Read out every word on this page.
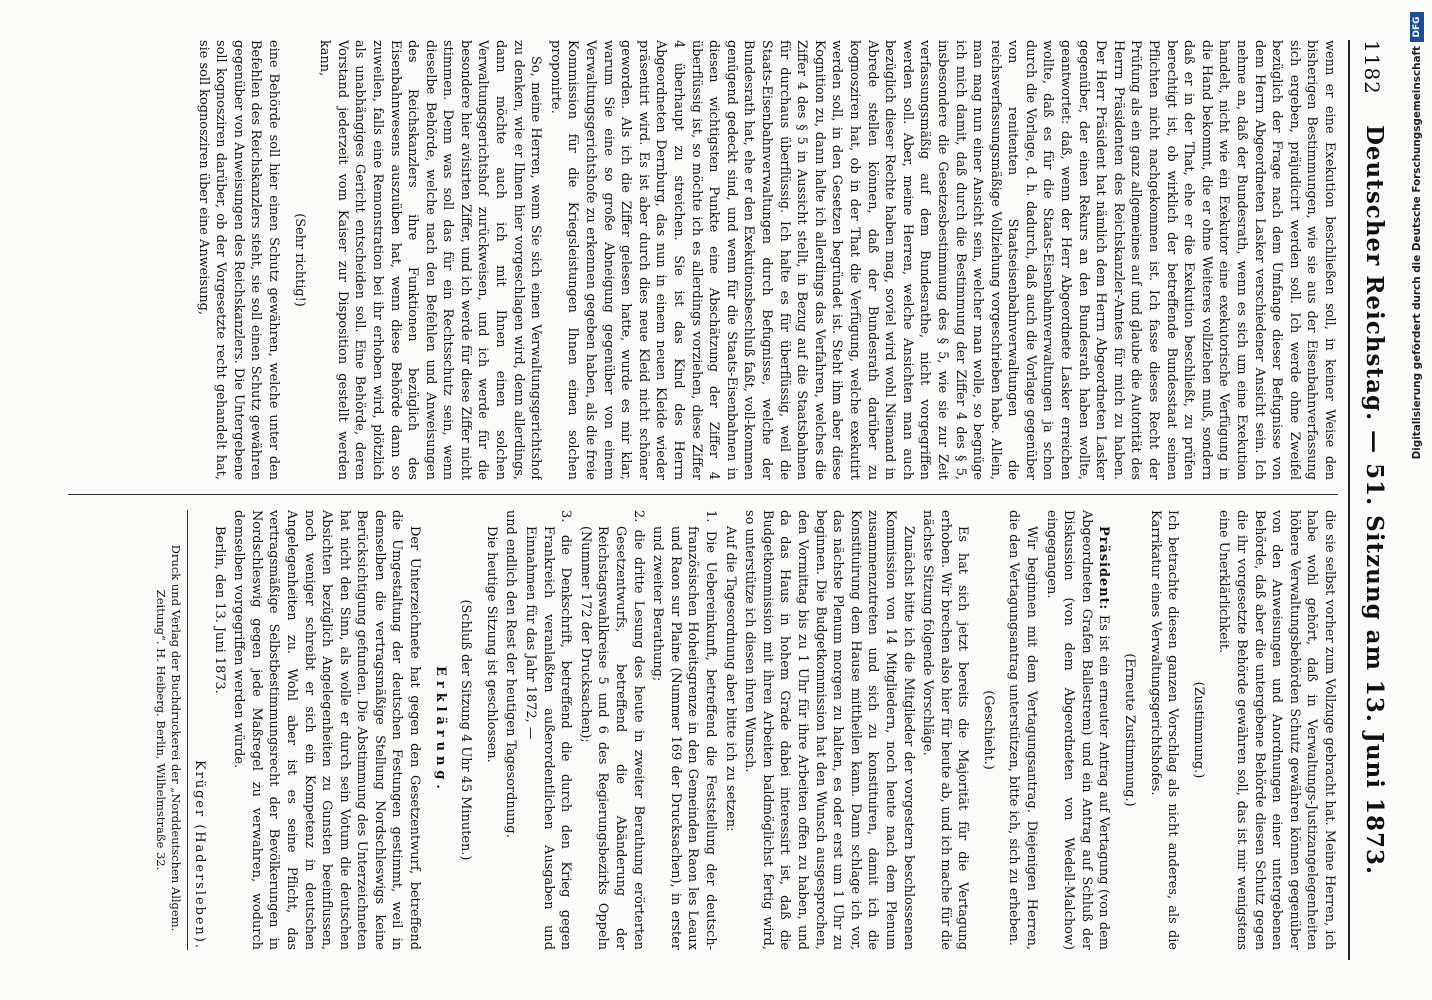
1182
Deutscher Reichstag. — 51. Sitzung am 13. Juni 1873.

wenn er eine Exekution beschließen soll, in keiner Weise den bisherigen Bestimmungen, wie sie aus der Eisenbahnverfassung sich ergeben, präjudicirt werden soll. Ich werde ohne Zweifel bezüglich der Frage nach dem Umfange dieser Befugnisse von dem Herrn Abgeordneten Lasker verschiedener Ansicht sein. Ich nehme an, daß der Bundesrath, wenn es sich um eine Exekution handelt, nicht wie ein Exekutor eine exekutorische Verfügung in die Hand bekommt, die er ohne Weiteres vollziehen muß, sondern daß er in der That, ehe er die Exekution beschließt, zu prüfen berechtigt ist, ob wirklich der betreffende Bundesstaat seinen Pflichten nicht nachgekommen ist. Ich fasse dieses Recht der Prüfung als ein ganz allgemeines auf und glaube die Autorität des Herrn Präsidenten des Reichskanzler-Amtes für mich zu haben. Der Herr Präsident hat nämlich dem Herrn Abgeordneten Lasker gegenüber, der einen Rekurs an den Bundesrath haben wollte, geantwortet: daß, wenn der Herr Abgeordnete Lasker erreichen wollte, daß es für die Staats-Eisenbahnverwaltungen ja schon durch die Vorlage, d. h. dadurch, daß auch die Vorlage gegenüber von renitenten Staatseisenbahnverwaltungen die reichsverfassungsmäßige Vollziehung vorgeschrieben habe. Allein, man mag nun einer Ansicht sein, welcher man wolle, so begnüge ich mich damit, daß durch die Bestimmung der Ziffer 4 des § 5, insbesondere die Gesetzesbestimmung des § 5, wie sie zur Zeit verfassungsmäßig auf dem Bundesrathe, nicht vorgegriffen werden soll. Aber, meine Herren, welche Ansichten man auch bezüglich dieser Rechte haben mag, soviel wird wohl Niemand in Abrede stellen können, daß der Bundesrath darüber zu kognosziren hat, ob in der That die Verfügung, welche exekutirt werden soll, in den Gesetzen begründet ist. Steht ihm aber diese Kognition zu, dann halte ich allerdings das Verfahren, welches die Ziffer 4 des § 5 in Aussicht stellt, in Bezug auf die Staatsbahnen für durchaus überflüssig. Ich halte es für überflüssig, weil die Staats-Eisenbahnverwaltungen durch Befugnisse, welche der Bundesrath hat, ehe er den Exekutionsbeschluß faßt, voll-kommen genügend gedeckt sind, und wenn für die Staats-Eisenbahnen in diesen wichtigsten Punkte eine Abschätzung der Ziffer 4 überflüssig ist, so möchte ich es allerdings vorziehen, diese Ziffer 4 überhaupt zu streichen. Sie ist das Kind des Herrn Abgeordneten Dernburg, das nun in einem neuen Kleide wieder präsentirt wird. Es ist aber durch dies neue Kleid nicht schöner geworden. Als ich die Ziffer gelesen hatte, wurde es mir klar, warum Sie eine so große Abneigung gegenüber von einem Verwaltungsgerichtshofe zu erkennen gegeben haben, als die freie Kommission für die Kriegsleistungen Ihnen einen solchen proponirte.

So, meine Herren, wenn Sie sich einen Verwaltungsgerichtshof zu denken, wie er Ihnen hier vorgeschlagen wird, denn allerdings, dann möchte auch ich mit Ihnen einen solchen Verwaltungsgerichtshof zurückweisen, und ich werde für die besondere hier avisirten Ziffer, und ich werde für diese Ziffer nicht stimmen. Denn was soll das für ein Rechtsschutz sein, wenn dieselbe Behörde, welche nach den Befehlen und Anweisungen des Reichskanzlers ihre Funktionen bezüglich des Eisenbahnwesens auszuüben hat, wenn diese Behörde dann so zuweilen, falls eine Remonstration bei ihr erhoben wird, plötzlich als unabhängiges Gericht entscheiden soll. Eine Behörde, deren Vorstand jederzeit vom Kaiser zur Disposition gestellt werden kann,

(Sehr richtig!)

eine Behörde soll hier einen Schutz gewähren, welche unter den Befehlen des Reichskanzlers steht, sie soll einen Schutz gewähren gegenüber von Anweisungen des Reichskanzlers. Die Untergebene soll kognosziren darüber, ob der Vorgesetzte recht gehandelt hat, sie soll kognosziren über eine Anweisung,

die sie selbst vorher zum Vollzuge gebracht hat. Meine Herren, ich habe wohl gehört, daß in Verwaltungs-Justizangelegenheiten höhere Verwaltungsbehörden Schutz gewähren können gegenüber von den Anweisungen und Anordnungen einer untergebenen Behörde, daß aber die untergebene Behörde diesen Schutz gegen die ihr vorgesetzte Behörde gewähren soll, das ist mir wenigstens eine Unerklärlichkeit.

(Zustimmung.)

Ich betrachte diesen ganzen Vorschlag als nicht anderes, als die Karrikatur eines Verwaltungsgerichtshofes.

(Erneute Zustimmung.)

Präsident: Es ist ein erneuter Antrag auf Vertagung (von dem Abgeordneten Grafen Ballestrem) und ein Antrag auf Schluß der Diskussion (von dem Abgeordneten von Wedell-Malchow) eingegangen.

Wir beginnen mit dem Vertagungsantrag. Diejenigen Herren, die den Vertagungsantrag unterstützen, bitte ich, sich zu erheben.

(Geschieht.)

Es hat sich jetzt bereits die Majorität für die Vertagung erhoben. Wir brechen also hier für heute ab, und ich mache für die nächste Sitzung folgende Vorschläge.

Zunächst bitte ich die Mitglieder der vorgestern beschlossenen Kommission von 14 Mitgliedern, noch heute nach dem Plenum zusammenzutreten und sich zu konstituiren, damit ich die Konstituirung dem Hause mittheilen kann. Dann schlage ich vor, das nächste Plenum morgen zu halten, es oder erst um 1 Uhr zu beginnen. Die Budgetkommission hat den Wunsch ausgesprochen, den Vormittag bis zu 1 Uhr für ihre Arbeiten offen zu haben, und da das Haus in hohem Grade dabei interessirt ist, daß die Budgetkommission mit ihren Arbeiten baldmöglichst fertig wird, so unterstütze ich diesen ihren Wunsch.

Auf die Tagesordnung aber bitte ich zu setzen:

1. Die Uebereinkunft, betreffend die Feststellung der deutsch-französischen Hoheitsgrenze in den Gemeinden Raon les Leaux und Raon sur Plaine (Nummer 169 der Drucksachen), in erster und zweiter Berathung;

2. die dritte Lesung des heute in zweiter Berathung erörterten Gesetzentwurfs, betreffend die Abänderung der Reichstagswahlkreise 5 und 6 des Regierungsbezirks Oppeln (Nummer 172 der Drucksachen);

3. die Denkschrift, betreffend die durch den Krieg gegen Frankreich veranlaßten außerordentlichen Ausgaben und Einnahmen für das Jahr 1872, —

und endlich den Rest der heutigen Tagesordnung.

Die heutige Sitzung ist geschlossen.

(Schluß der Sitzung 4 Uhr 45 Minuten.)

Erklärung.

Der Unterzeichnete hat gegen den Gesetzentwurf, betreffend die Umgestaltung der deutschen Festungen gestimmt, weil in demselben die vertragsmäßige Stellung Nordschleswigs keine Berücksichtigung gefunden. Die Abstimmung des Unterzeichneten hat nicht den Sinn, als wolle er durch sein Votum die deutschen Absichten bezüglich Angelegenheiten zu Gunsten beeinflussen, noch weniger schreibt er sich ein Kompetenz in deutschen Angelegenheiten zu. Wohl aber ist es seine Pflicht, das vertragsmäßige Selbstbestimmungsrecht der Bevölkerungen in Nordschleswig gegen jede Maßregel zu verwahren, wodurch demselben vorgegriffen werden würde.

Berlin, den 13. Juni 1873.

Krüger (Hadersleben).

Druck und Verlag der Buchdruckerei der „Norddeutschen Allgem. Zeitung“. H. Heiberg. Berlin, Wilhelmstraße 32.

Digitalisierung gefördert durch die Deutsche Forschungsgemeinschaft
DFG
